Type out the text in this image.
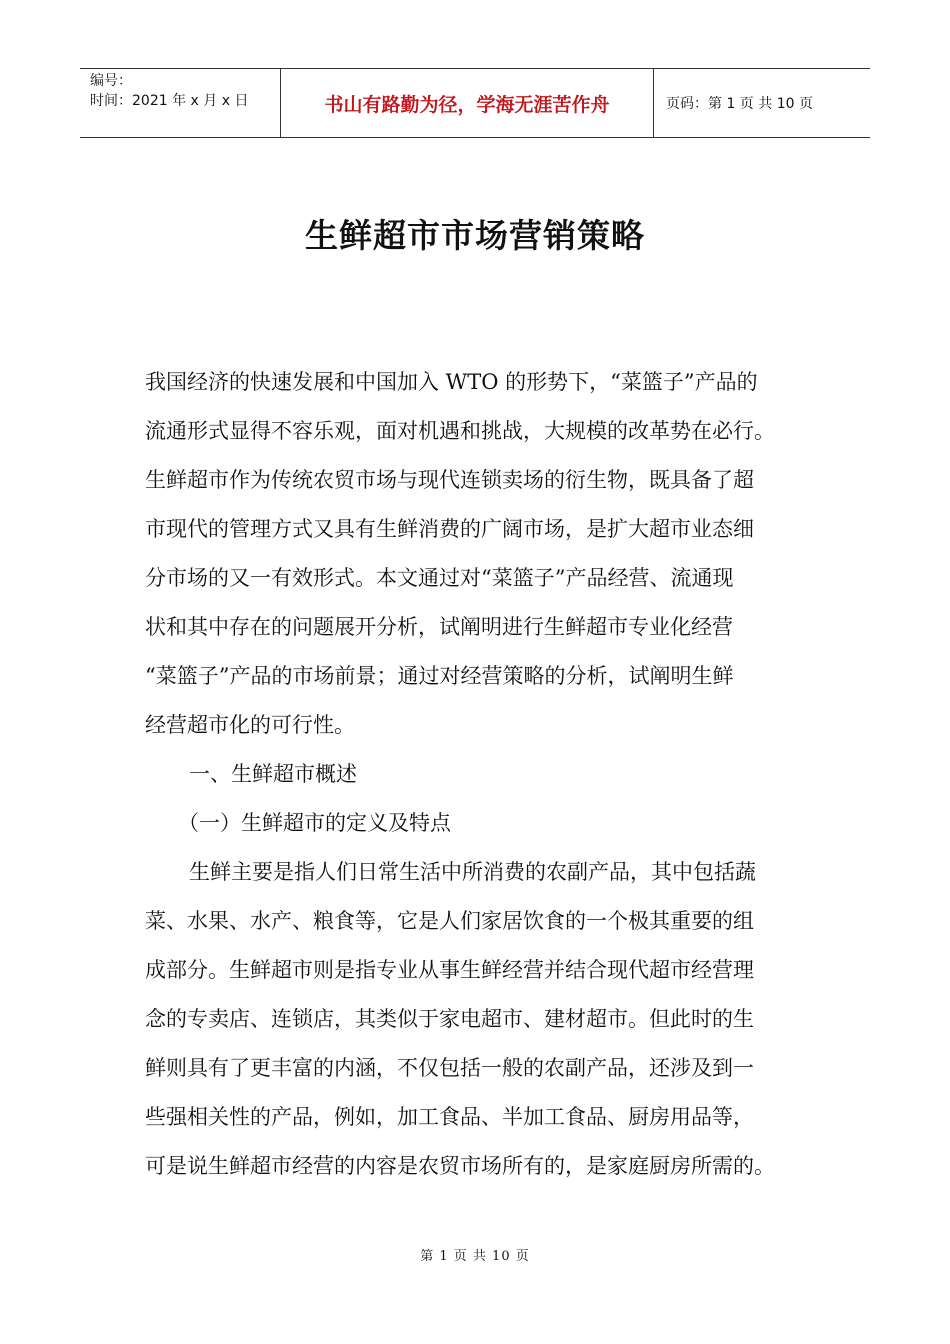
编号：
时间：2021 年 x 月 x 日	书山有路勤为径，学海无涯苦作舟	页码：第 1 页 共 10 页
生鲜超市市场营销策略

我国经济的快速发展和中国加入 WTO 的形势下，“菜篮子”产品的

流通形式显得不容乐观，面对机遇和挑战，大规模的改革势在必行。

生鲜超市作为传统农贸市场与现代连锁卖场的衍生物，既具备了超

市现代的管理方式又具有生鲜消费的广阔市场，是扩大超市业态细

分市场的又一有效形式。本文通过对“菜篮子”产品经营、流通现

状和其中存在的问题展开分析，试阐明进行生鲜超市专业化经营

“菜篮子”产品的市场前景；通过对经营策略的分析，试阐明生鲜

经营超市化的可行性。

一、生鲜超市概述

（一）生鲜超市的定义及特点

生鲜主要是指人们日常生活中所消费的农副产品，其中包括蔬

菜、水果、水产、粮食等，它是人们家居饮食的一个极其重要的组

成部分。生鲜超市则是指专业从事生鲜经营并结合现代超市经营理

念的专卖店、连锁店，其类似于家电超市、建材超市。但此时的生

鲜则具有了更丰富的内涵，不仅包括一般的农副产品，还涉及到一

些强相关性的产品，例如，加工食品、半加工食品、厨房用品等，

可是说生鲜超市经营的内容是农贸市场所有的，是家庭厨房所需的。

第 1 页 共 10 页
